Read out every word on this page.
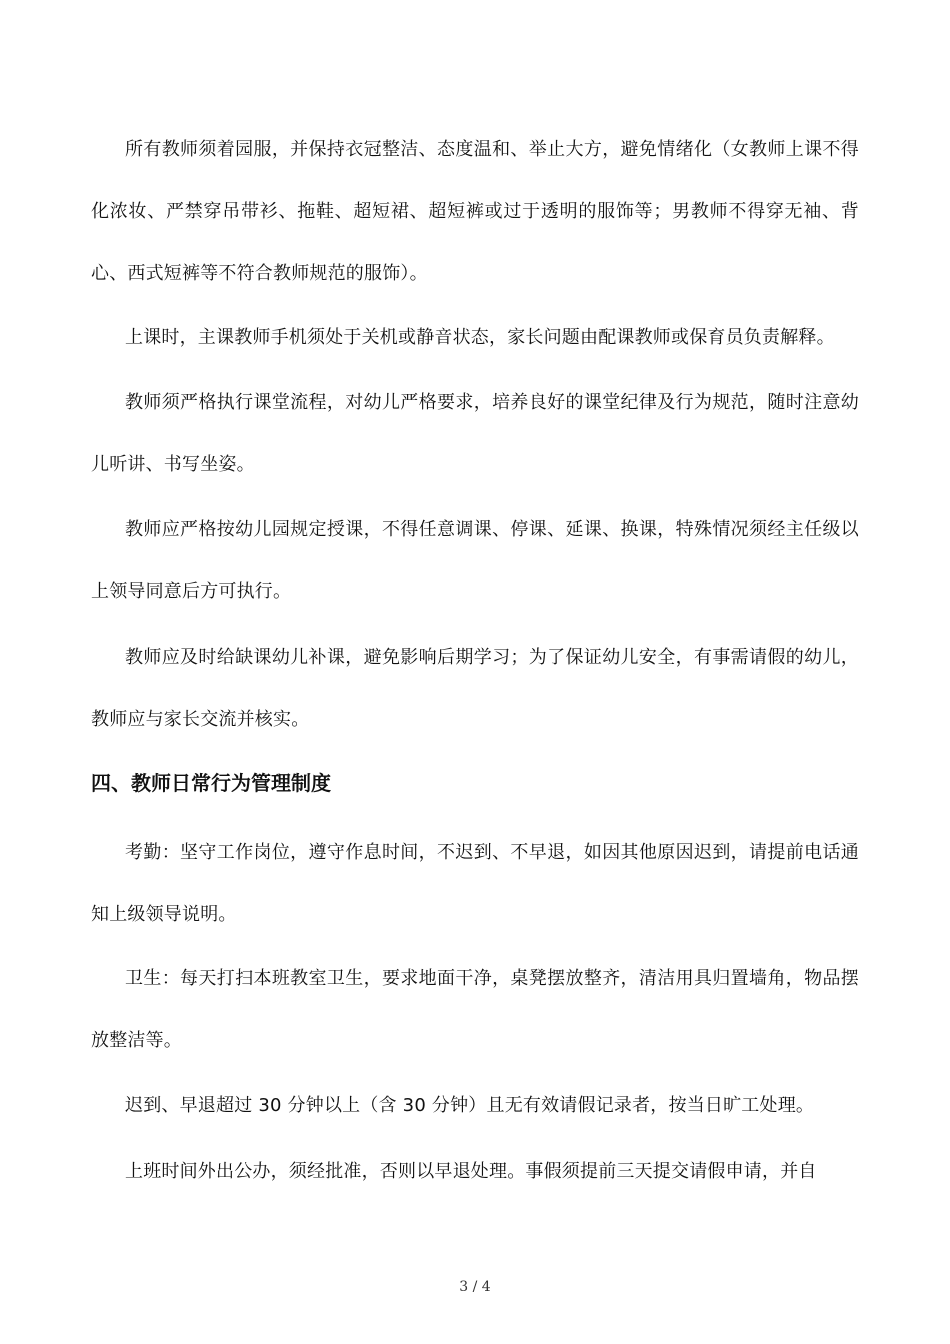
所有教师须着园服，并保持衣冠整洁、态度温和、举止大方，避免情绪化（女教师上课不得化浓妆、严禁穿吊带衫、拖鞋、超短裙、超短裤或过于透明的服饰等；男教师不得穿无袖、背心、西式短裤等不符合教师规范的服饰）。

上课时，主课教师手机须处于关机或静音状态，家长问题由配课教师或保育员负责解释。

教师须严格执行课堂流程，对幼儿严格要求，培养良好的课堂纪律及行为规范，随时注意幼儿听讲、书写坐姿。

教师应严格按幼儿园规定授课，不得任意调课、停课、延课、换课，特殊情况须经主任级以上领导同意后方可执行。

教师应及时给缺课幼儿补课，避免影响后期学习；为了保证幼儿安全，有事需请假的幼儿，教师应与家长交流并核实。

四、教师日常行为管理制度

考勤：坚守工作岗位，遵守作息时间，不迟到、不早退，如因其他原因迟到，请提前电话通知上级领导说明。

卫生：每天打扫本班教室卫生，要求地面干净，桌凳摆放整齐，清洁用具归置墙角，物品摆放整洁等。

迟到、早退超过 30 分钟以上（含 30 分钟）且无有效请假记录者，按当日旷工处理。

上班时间外出公办，须经批准，否则以早退处理。事假须提前三天提交请假申请，并自

3 / 4
